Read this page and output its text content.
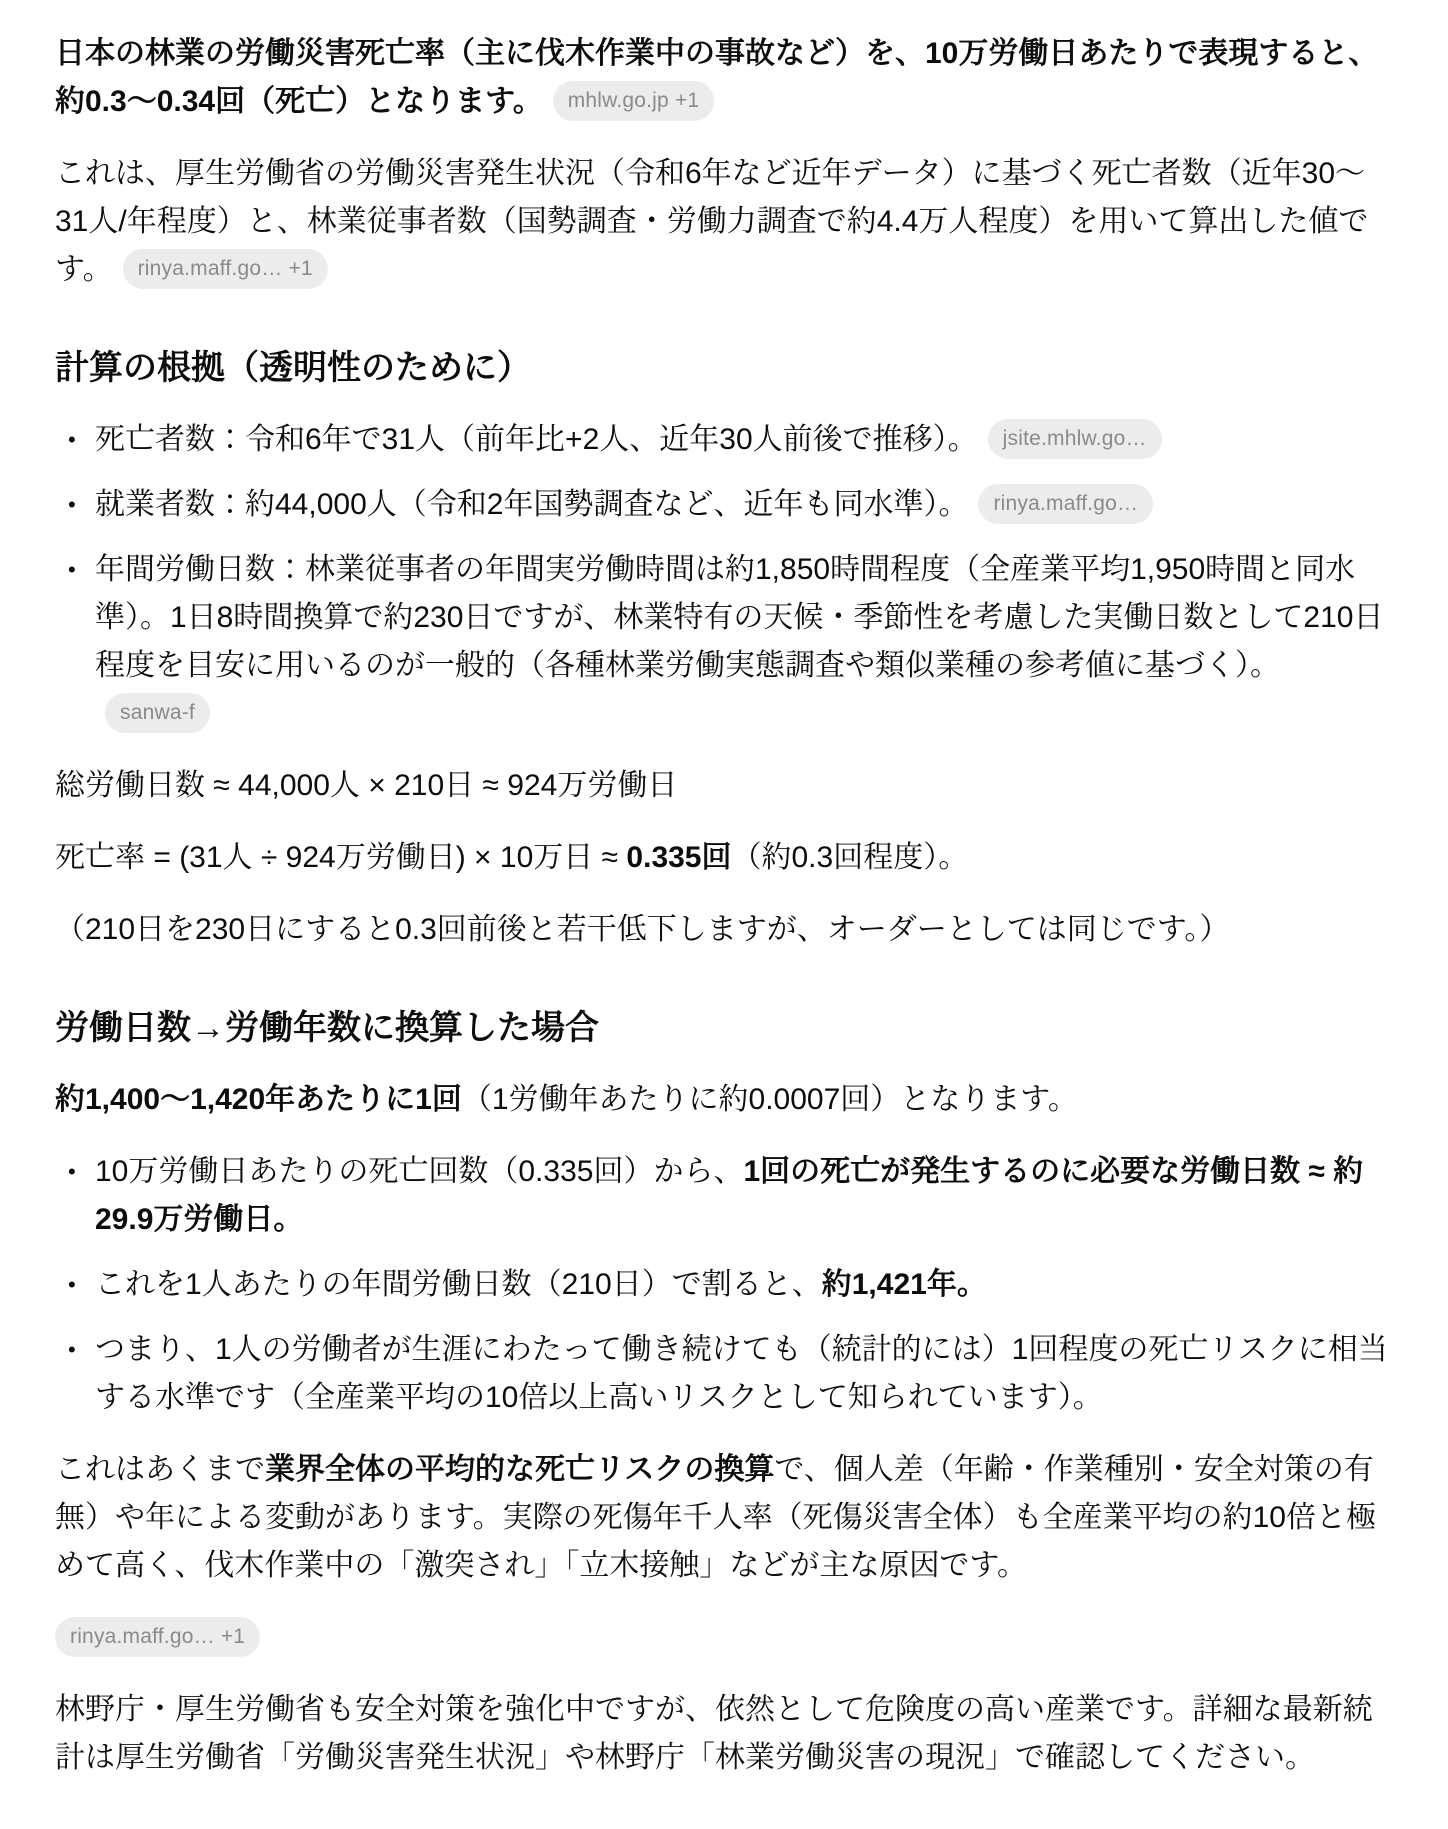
日本の林業の労働災害死亡率（主に伐木作業中の事故など）を、10万労働日あたりで表現すると、約0.3〜0.34回（死亡）となります。 mhlw.go.jp +1

これは、厚生労働省の労働災害発生状況（令和6年など近年データ）に基づく死亡者数（近年30〜31人/年程度）と、林業従事者数（国勢調査・労働力調査で約4.4万人程度）を用いて算出した値です。 rinya.maff.go… +1

計算の根拠（透明性のために）
• 死亡者数：令和6年で31人（前年比+2人、近年30人前後で推移）。 jsite.mhlw.go…
• 就業者数：約44,000人（令和2年国勢調査など、近年も同水準）。 rinya.maff.go…
• 年間労働日数：林業従事者の年間実労働時間は約1,850時間程度（全産業平均1,950時間と同水準）。1日8時間換算で約230日ですが、林業特有の天候・季節性を考慮した実働日数として210日程度を目安に用いるのが一般的（各種林業労働実態調査や類似業種の参考値に基づく）。sanwa-f

総労働日数 ≈ 44,000人 × 210日 ≈ 924万労働日

死亡率 = (31人 ÷ 924万労働日) × 10万日 ≈ 0.335回（約0.3回程度）。

（210日を230日にすると0.3回前後と若干低下しますが、オーダーとしては同じです。）

労働日数→労働年数に換算した場合

約1,400〜1,420年あたりに1回（1労働年あたりに約0.0007回）となります。

• 10万労働日あたりの死亡回数（0.335回）から、1回の死亡が発生するのに必要な労働日数 ≈ 約29.9万労働日。
• これを1人あたりの年間労働日数（210日）で割ると、約1,421年。
• つまり、1人の労働者が生涯にわたって働き続けても（統計的には）1回程度の死亡リスクに相当する水準です（全産業平均の10倍以上高いリスクとして知られています）。

これはあくまで業界全体の平均的な死亡リスクの換算で、個人差（年齢・作業種別・安全対策の有無）や年による変動があります。実際の死傷年千人率（死傷災害全体）も全産業平均の約10倍と極めて高く、伐木作業中の「激突され」「立木接触」などが主な原因です。

rinya.maff.go… +1

林野庁・厚生労働省も安全対策を強化中ですが、依然として危険度の高い産業です。詳細な最新統計は厚生労働省「労働災害発生状況」や林野庁「林業労働災害の現況」で確認してください。
